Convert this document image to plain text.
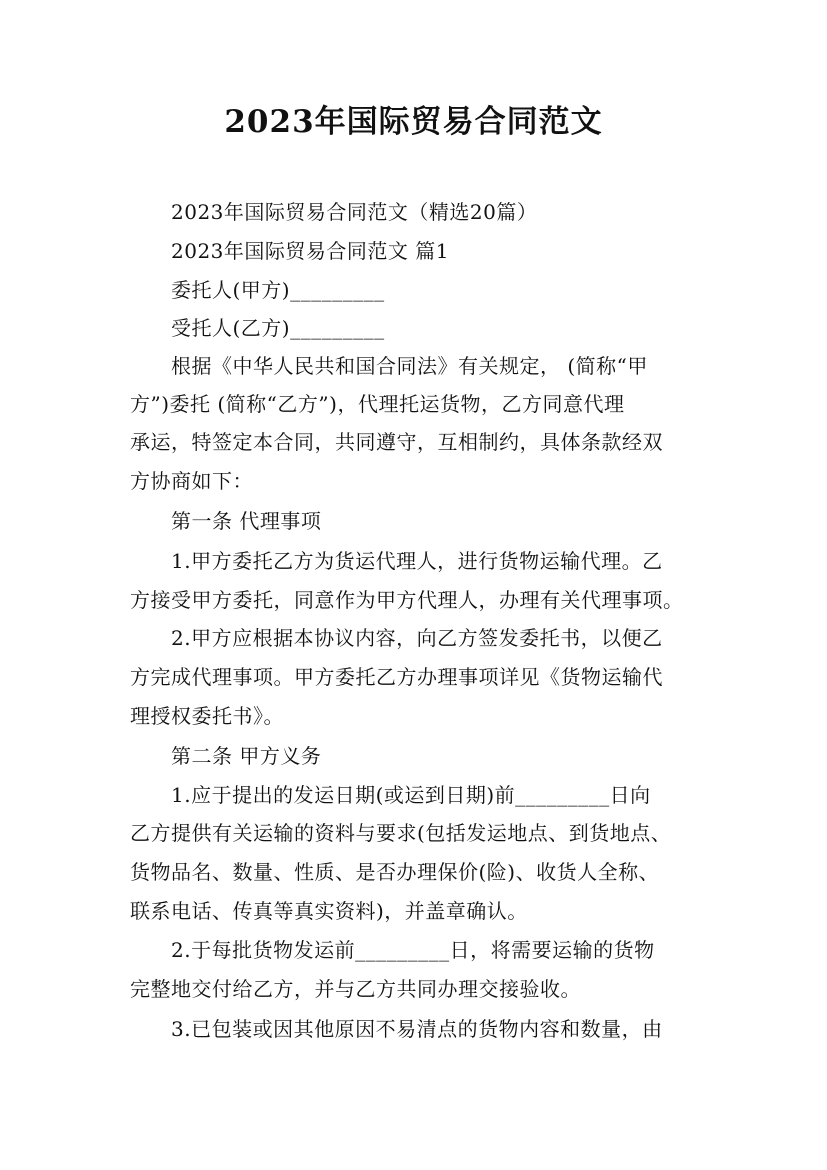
2023年国际贸易合同范文
2023年国际贸易合同范文（精选20篇）
2023年国际贸易合同范文 篇1
委托人(甲方)_________
受托人(乙方)_________
根据《中华人民共和国合同法》有关规定， (简称“甲
方”)委托 (简称“乙方”)，代理托运货物，乙方同意代理
承运，特签定本合同，共同遵守，互相制约，具体条款经双
方协商如下：
第一条 代理事项
1.甲方委托乙方为货运代理人，进行货物运输代理。乙
方接受甲方委托，同意作为甲方代理人，办理有关代理事项。
2.甲方应根据本协议内容，向乙方签发委托书，以便乙
方完成代理事项。甲方委托乙方办理事项详见《货物运输代
理授权委托书》。
第二条 甲方义务
1.应于提出的发运日期(或运到日期)前_________日向
乙方提供有关运输的资料与要求(包括发运地点、到货地点、
货物品名、数量、性质、是否办理保价(险)、收货人全称、
联系电话、传真等真实资料)，并盖章确认。
2.于每批货物发运前_________日，将需要运输的货物
完整地交付给乙方，并与乙方共同办理交接验收。
3.已包装或因其他原因不易清点的货物内容和数量，由
